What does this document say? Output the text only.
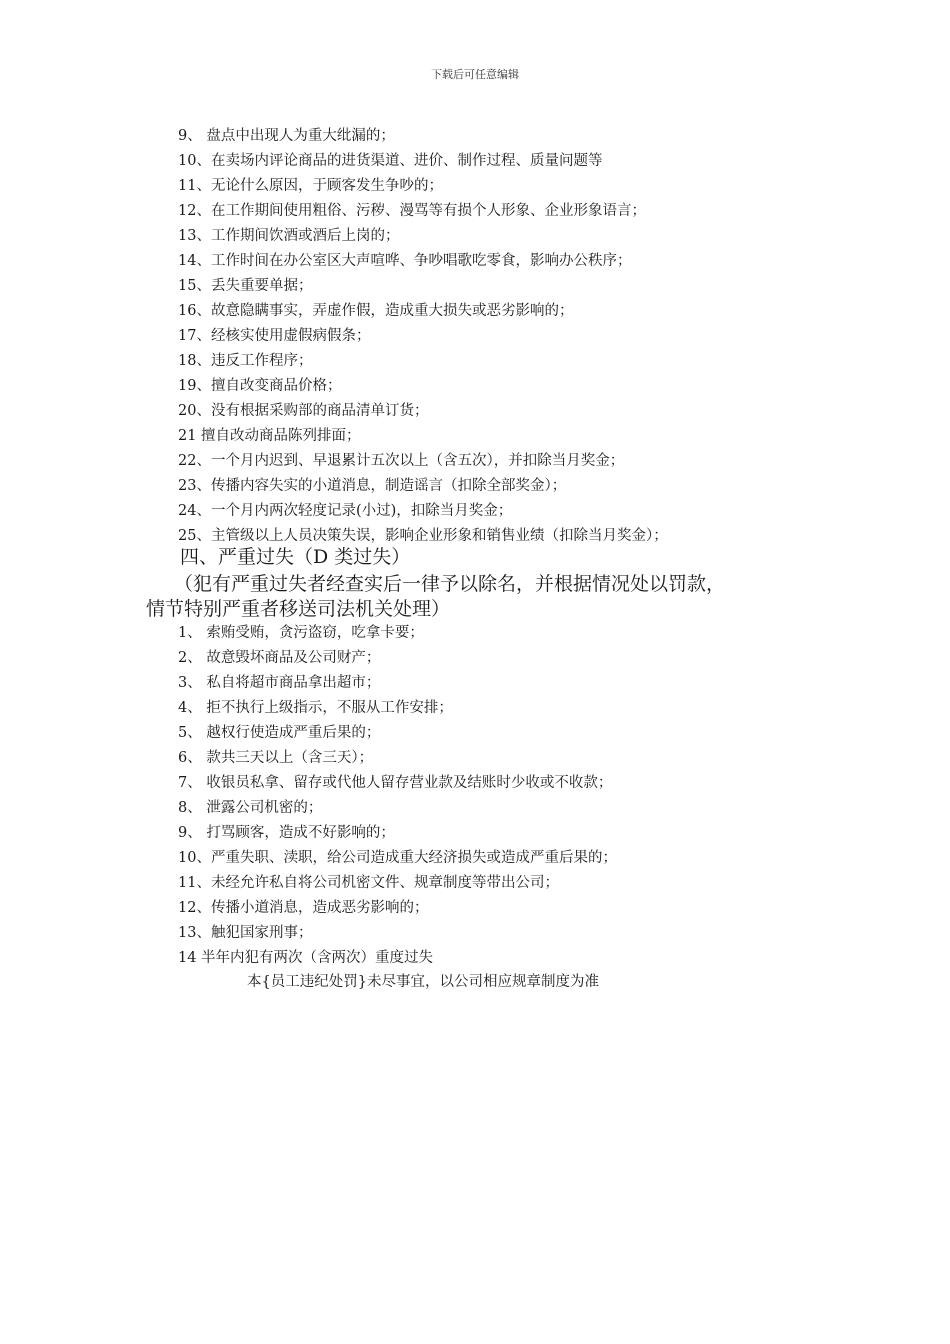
下载后可任意编辑
9、 盘点中出现人为重大纰漏的；
10、在卖场内评论商品的进货渠道、进价、制作过程、质量问题等
11、无论什么原因，于顾客发生争吵的；
12、在工作期间使用粗俗、污秽、漫骂等有损个人形象、企业形象语言；
13、工作期间饮酒或酒后上岗的；
14、工作时间在办公室区大声喧哗、争吵唱歌吃零食，影响办公秩序；
15、丢失重要单据；
16、故意隐瞒事实，弄虚作假，造成重大损失或恶劣影响的；
17、经核实使用虚假病假条；
18、违反工作程序；
19、擅自改变商品价格；
20、没有根据采购部的商品清单订货；
21 擅自改动商品陈列排面；
22、一个月内迟到、早退累计五次以上（含五次），并扣除当月奖金；
23、传播内容失实的小道消息，制造谣言（扣除全部奖金）；
24、一个月内两次轻度记录(小过)，扣除当月奖金；
25、主管级以上人员决策失误，影响企业形象和销售业绩（扣除当月奖金）；
四、严重过失（D 类过失）
（犯有严重过失者经查实后一律予以除名，并根据情况处以罚款，
情节特别严重者移送司法机关处理）
1、 索贿受贿，贪污盗窃，吃拿卡要；
2、 故意毁坏商品及公司财产；
3、 私自将超市商品拿出超市；
4、 拒不执行上级指示，不服从工作安排；
5、 越权行使造成严重后果的；
6、 款共三天以上（含三天）；
7、 收银员私拿、留存或代他人留存营业款及结账时少收或不收款；
8、 泄露公司机密的；
9、 打骂顾客，造成不好影响的；
10、严重失职、渎职，给公司造成重大经济损失或造成严重后果的；
11、未经允许私自将公司机密文件、规章制度等带出公司；
12、传播小道消息，造成恶劣影响的；
13、触犯国家刑事；
14 半年内犯有两次（含两次）重度过失
本{员工违纪处罚}未尽事宜，以公司相应规章制度为准
